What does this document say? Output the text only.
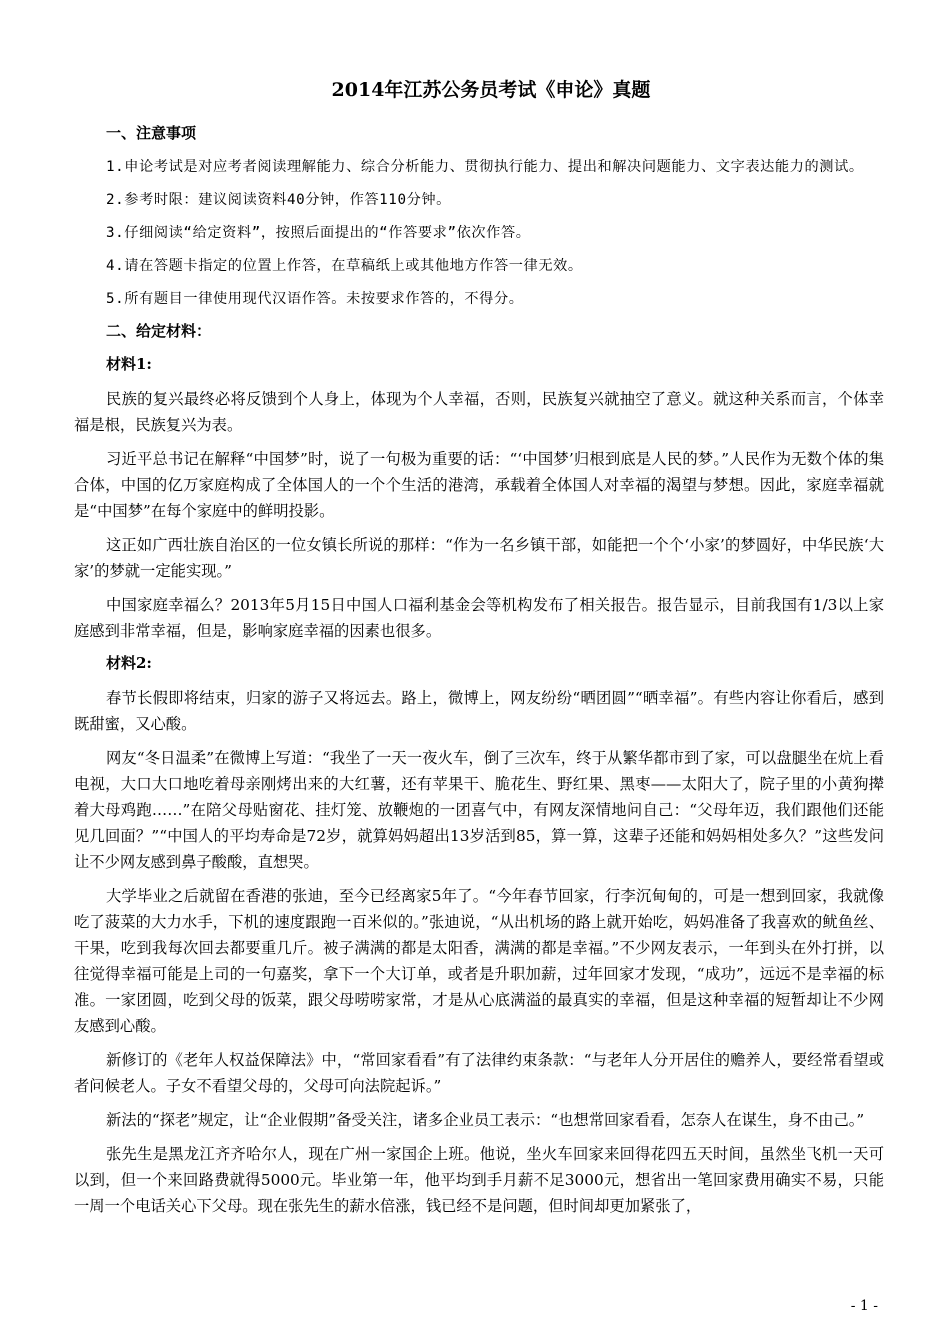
2014年江苏公务员考试《申论》真题
一、注意事项

1.申论考试是对应考者阅读理解能力、综合分析能力、贯彻执行能力、提出和解决问题能力、文字表达能力的测试。

2.参考时限：建议阅读资料40分钟，作答110分钟。

3.仔细阅读“给定资料”，按照后面提出的“作答要求”依次作答。

4.请在答题卡指定的位置上作答，在草稿纸上或其他地方作答一律无效。

5.所有题目一律使用现代汉语作答。未按要求作答的，不得分。

二、给定材料：
材料1:

民族的复兴最终必将反馈到个人身上，体现为个人幸福，否则，民族复兴就抽空了意义。就这种关系而言，个体幸福是根，民族复兴为表。

习近平总书记在解释“中国梦”时，说了一句极为重要的话：“‘中国梦’归根到底是人民的梦。”人民作为无数个体的集合体，中国的亿万家庭构成了全体国人的一个个生活的港湾，承载着全体国人对幸福的渴望与梦想。因此，家庭幸福就是“中国梦”在每个家庭中的鲜明投影。

这正如广西壮族自治区的一位女镇长所说的那样：“作为一名乡镇干部，如能把一个个‘小家’的梦圆好，中华民族‘大家’的梦就一定能实现。”

中国家庭幸福么？2013年5月15日中国人口福利基金会等机构发布了相关报告。报告显示，目前我国有1/3以上家庭感到非常幸福，但是，影响家庭幸福的因素也很多。

材料2:

春节长假即将结束，归家的游子又将远去。路上，微博上，网友纷纷“晒团圆”“晒幸福”。有些内容让你看后，感到既甜蜜，又心酸。

网友“冬日温柔”在微博上写道：“我坐了一天一夜火车，倒了三次车，终于从繁华都市到了家，可以盘腿坐在炕上看电视，大口大口地吃着母亲刚烤出来的大红薯，还有苹果干、脆花生、野红果、黑枣——太阳大了，院子里的小黄狗撵着大母鸡跑……”在陪父母贴窗花、挂灯笼、放鞭炮的一团喜气中，有网友深情地问自己：“父母年迈，我们跟他们还能见几回面？”“中国人的平均寿命是72岁，就算妈妈超出13岁活到85，算一算，这辈子还能和妈妈相处多久？”这些发问让不少网友感到鼻子酸酸，直想哭。

大学毕业之后就留在香港的张迪，至今已经离家5年了。“今年春节回家，行李沉甸甸的，可是一想到回家，我就像吃了菠菜的大力水手，下机的速度跟跑一百米似的。”张迪说，“从出机场的路上就开始吃，妈妈准备了我喜欢的鱿鱼丝、干果，吃到我每次回去都要重几斤。被子满满的都是太阳香，满满的都是幸福。”不少网友表示，一年到头在外打拼，以往觉得幸福可能是上司的一句嘉奖，拿下一个大订单，或者是升职加薪，过年回家才发现，“成功”，远远不是幸福的标准。一家团圆，吃到父母的饭菜，跟父母唠唠家常，才是从心底满溢的最真实的幸福，但是这种幸福的短暂却让不少网友感到心酸。

新修订的《老年人权益保障法》中，“常回家看看”有了法律约束条款：“与老年人分开居住的赡养人，要经常看望或者问候老人。子女不看望父母的，父母可向法院起诉。”

新法的“探老”规定，让“企业假期”备受关注，诸多企业员工表示：“也想常回家看看，怎奈人在谋生，身不由己。”

张先生是黑龙江齐齐哈尔人，现在广州一家国企上班。他说，坐火车回家来回得花四五天时间，虽然坐飞机一天可以到，但一个来回路费就得5000元。毕业第一年，他平均到手月薪不足3000元，想省出一笔回家费用确实不易，只能一周一个电话关心下父母。现在张先生的薪水倍涨，钱已经不是问题，但时间却更加紧张了，

- 1 -
